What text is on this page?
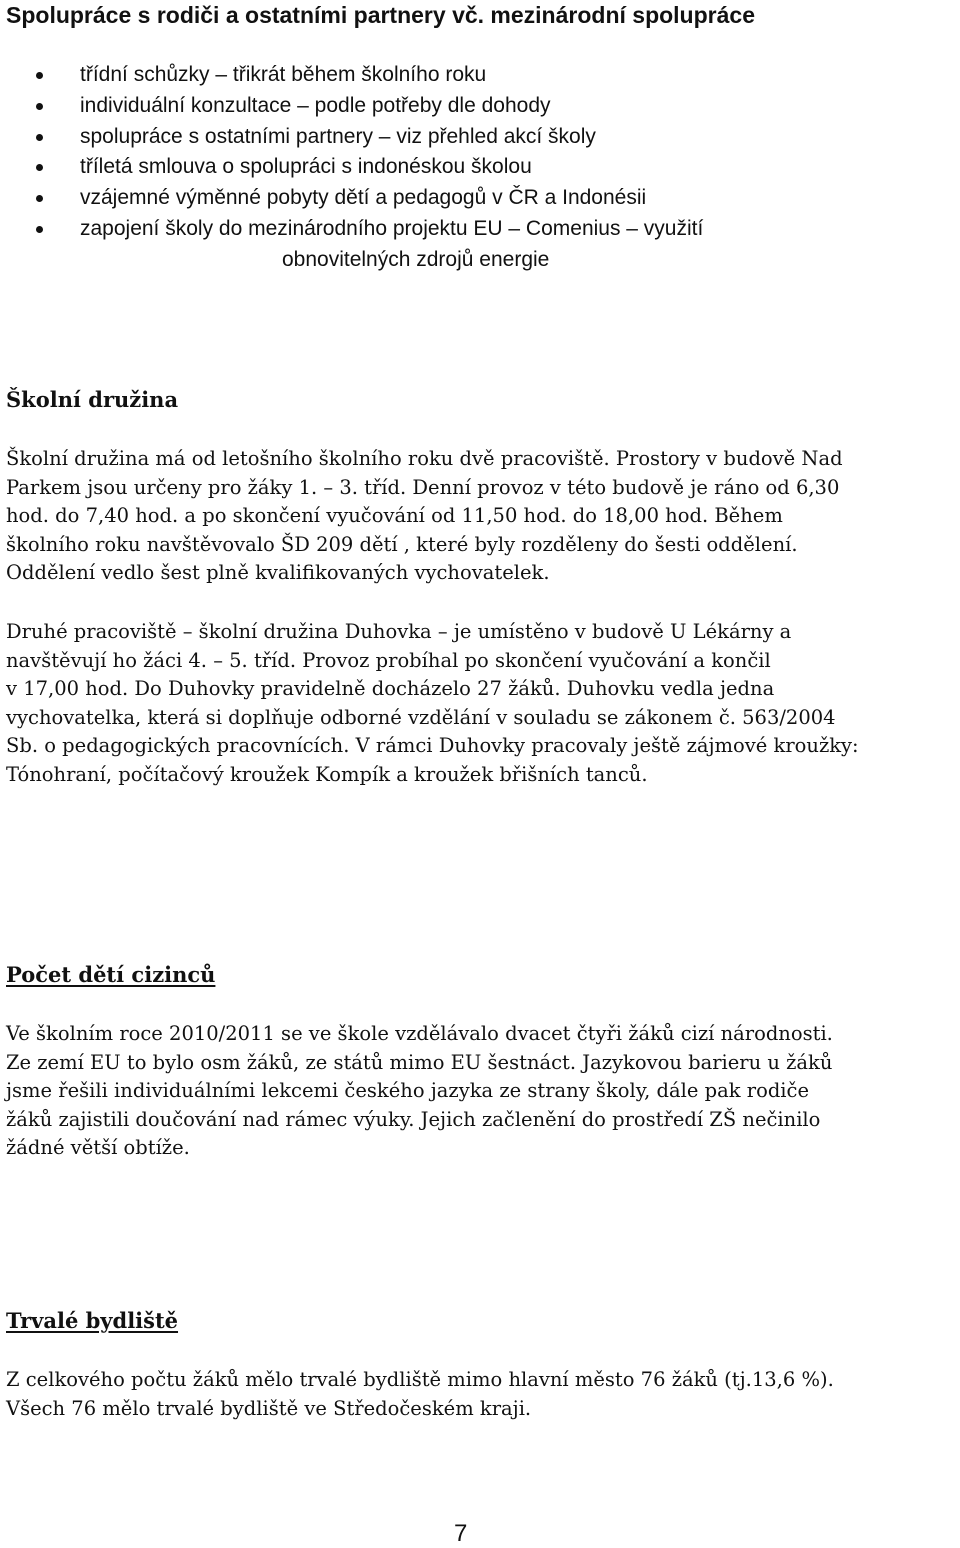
Spolupráce s rodiči a ostatními partnery vč. mezinárodní spolupráce
třídní schůzky – třikrát během školního roku
individuální konzultace – podle potřeby dle dohody
spolupráce s ostatními partnery – viz přehled akcí školy
tříletá smlouva o spolupráci s indonéskou školou
vzájemné výměnné pobyty dětí a pedagogů v ČR a Indonésii
zapojení školy do mezinárodního projektu EU – Comenius – využití
obnovitelných zdrojů energie
Školní družina
Školní družina má od letošního školního roku dvě pracoviště. Prostory v budově Nad
Parkem jsou určeny pro žáky 1. – 3. tříd. Denní provoz v této budově je ráno od 6,30
hod. do 7,40 hod. a po skončení vyučování od 11,50 hod. do 18,00 hod. Během
školního roku navštěvovalo ŠD 209 dětí , které byly rozděleny do šesti oddělení.
Oddělení vedlo šest plně kvalifikovaných vychovatelek.
Druhé pracoviště – školní družina Duhovka – je umístěno v budově U Lékárny a
navštěvují ho žáci 4. – 5. tříd. Provoz probíhal po skončení vyučování a končil
v 17,00 hod. Do Duhovky pravidelně docházelo 27 žáků. Duhovku vedla jedna
vychovatelka, která si doplňuje odborné vzdělání v souladu se zákonem č. 563/2004
Sb. o pedagogických pracovnících. V rámci Duhovky pracovaly ještě zájmové kroužky:
Tónohraní, počítačový kroužek Kompík a kroužek břišních tanců.
Počet dětí cizinců
Ve školním roce 2010/2011 se ve škole vzdělávalo dvacet čtyři žáků cizí národnosti.
Ze zemí EU to bylo osm žáků, ze států mimo EU šestnáct. Jazykovou barieru u žáků
jsme řešili individuálními lekcemi českého jazyka ze strany školy, dále pak rodiče
žáků zajistili doučování nad rámec výuky. Jejich začlenění do prostředí ZŠ nečinilo
žádné větší obtíže.
Trvalé bydliště
Z celkového počtu žáků mělo trvalé bydliště mimo hlavní město 76 žáků (tj.13,6 %).
Všech 76 mělo trvalé bydliště ve Středočeském kraji.
7
